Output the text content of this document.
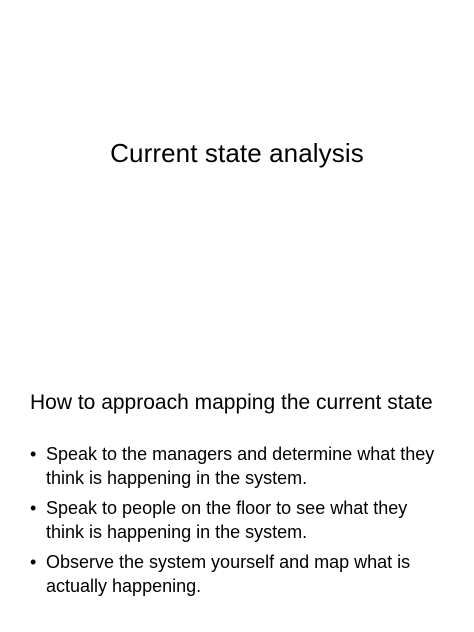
Current state analysis
How to approach mapping the current state
• Speak to the managers and determine what they think is happening in the system.
• Speak to people on the floor to see what they think is happening in the system.
• Observe the system yourself and map what is actually happening.
